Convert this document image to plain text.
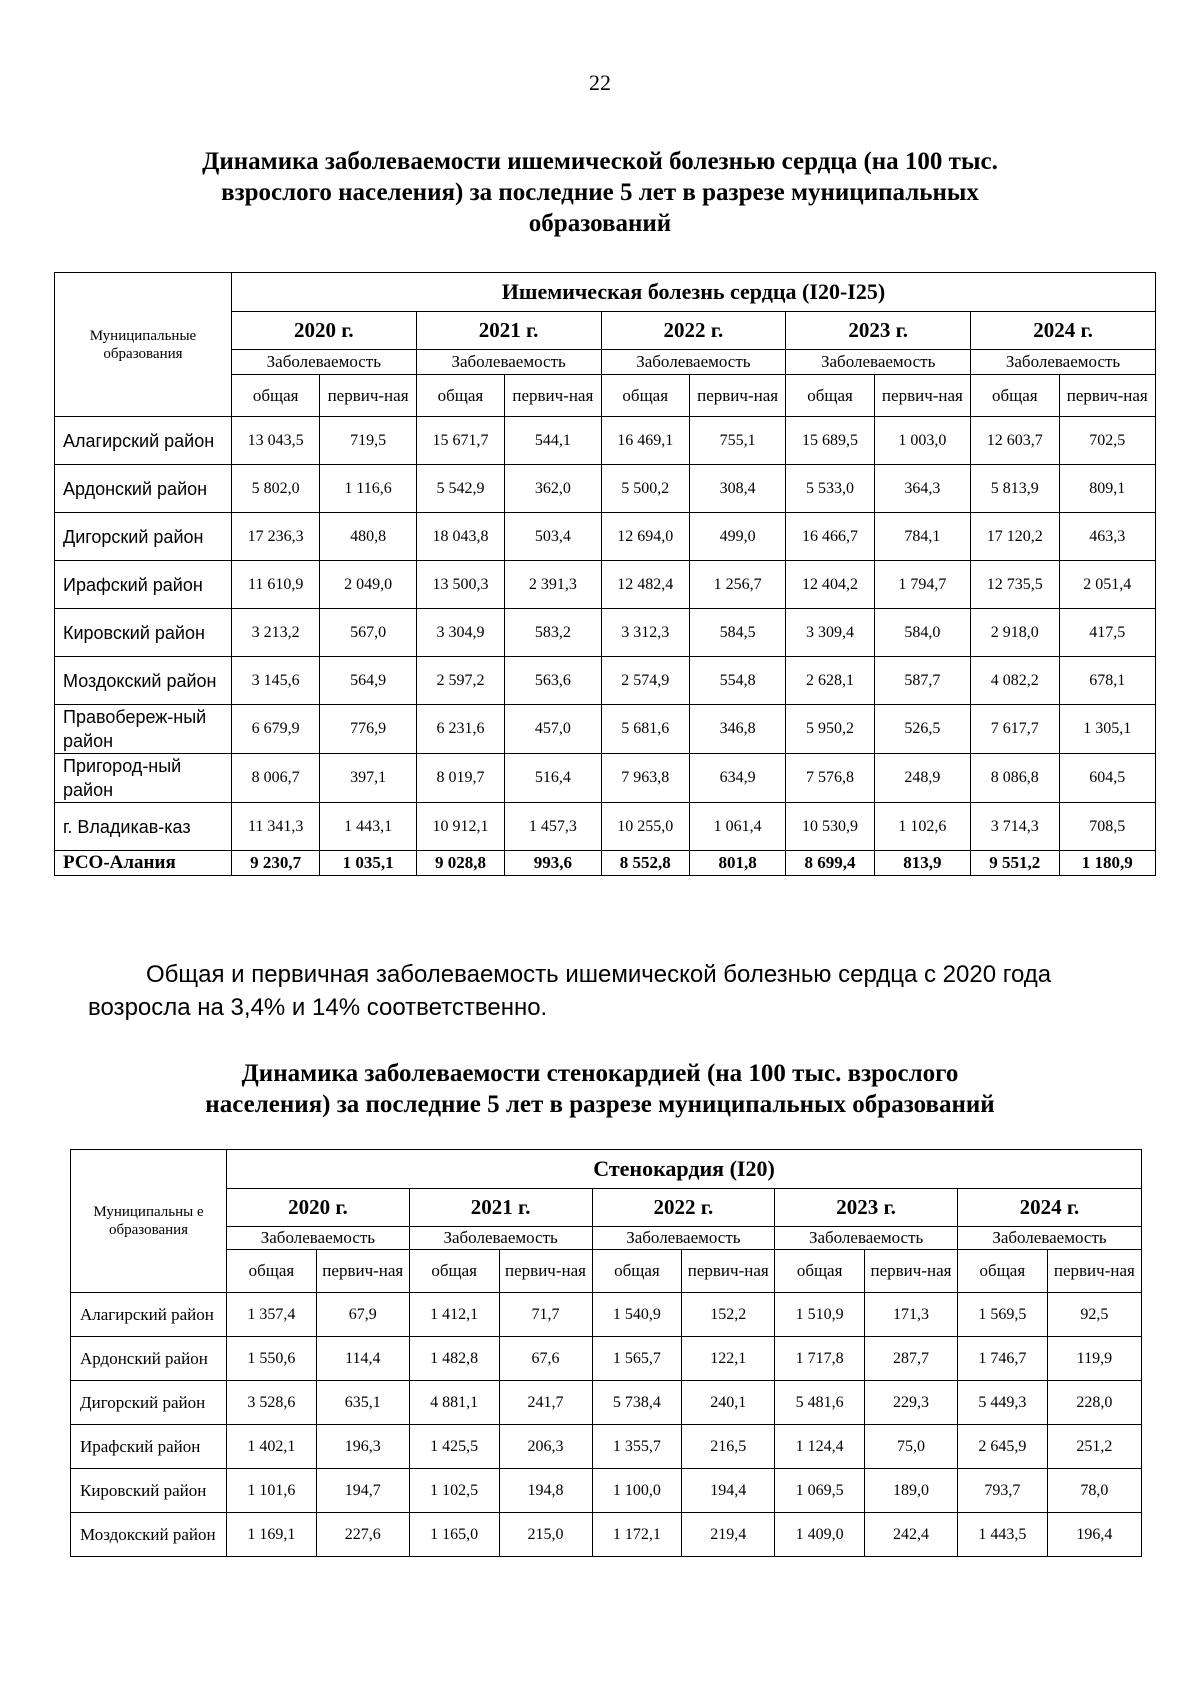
22
Динамика заболеваемости ишемической болезнью сердца (на 100 тыс.
взрослого населения) за последние 5 лет в разрезе муниципальных
образований
Муниципальные образования	Ишемическая болезнь сердца (I20-I25)									
	2020 г.		2021 г.		2022 г.		2023 г.		2024 г.	
	Заболеваемость		Заболеваемость		Заболеваемость		Заболеваемость		Заболеваемость	
	общая	первич-ная	общая	первич-ная	общая	первич-ная	общая	первич-ная	общая	первич-ная
Алагирский район	13 043,5	719,5	15 671,7	544,1	16 469,1	755,1	15 689,5	1 003,0	12 603,7	702,5
Ардонский район	5 802,0	1 116,6	5 542,9	362,0	5 500,2	308,4	5 533,0	364,3	5 813,9	809,1
Дигорский район	17 236,3	480,8	18 043,8	503,4	12 694,0	499,0	16 466,7	784,1	17 120,2	463,3
Ирафский район	11 610,9	2 049,0	13 500,3	2 391,3	12 482,4	1 256,7	12 404,2	1 794,7	12 735,5	2 051,4
Кировский район	3 213,2	567,0	3 304,9	583,2	3 312,3	584,5	3 309,4	584,0	2 918,0	417,5
Моздокский район	3 145,6	564,9	2 597,2	563,6	2 574,9	554,8	2 628,1	587,7	4 082,2	678,1
Правобереж-ный район	6 679,9	776,9	6 231,6	457,0	5 681,6	346,8	5 950,2	526,5	7 617,7	1 305,1
Пригород-ный район	8 006,7	397,1	8 019,7	516,4	7 963,8	634,9	7 576,8	248,9	8 086,8	604,5
г. Владикав-каз	11 341,3	1 443,1	10 912,1	1 457,3	10 255,0	1 061,4	10 530,9	1 102,6	3 714,3	708,5
РСО-Алания	9 230,7	1 035,1	9 028,8	993,6	8 552,8	801,8	8 699,4	813,9	9 551,2	1 180,9
Общая и первичная заболеваемость ишемической болезнью сердца с 2020 года возросла на 3,4% и 14% соответственно.
Динамика заболеваемости стенокардией (на 100 тыс. взрослого
населения) за последние 5 лет в разрезе муниципальных образований
Муниципальны е образования	Стенокардия (I20)									
	2020 г.		2021 г.		2022 г.		2023 г.		2024 г.	
	Заболеваемость		Заболеваемость		Заболеваемость		Заболеваемость		Заболеваемость	
	общая	первич-ная	общая	первич-ная	общая	первич-ная	общая	первич-ная	общая	первич-ная
Алагирский район	1 357,4	67,9	1 412,1	71,7	1 540,9	152,2	1 510,9	171,3	1 569,5	92,5
Ардонский район	1 550,6	114,4	1 482,8	67,6	1 565,7	122,1	1 717,8	287,7	1 746,7	119,9
Дигорский район	3 528,6	635,1	4 881,1	241,7	5 738,4	240,1	5 481,6	229,3	5 449,3	228,0
Ирафский район	1 402,1	196,3	1 425,5	206,3	1 355,7	216,5	1 124,4	75,0	2 645,9	251,2
Кировский район	1 101,6	194,7	1 102,5	194,8	1 100,0	194,4	1 069,5	189,0	793,7	78,0
Моздокский район	1 169,1	227,6	1 165,0	215,0	1 172,1	219,4	1 409,0	242,4	1 443,5	196,4
